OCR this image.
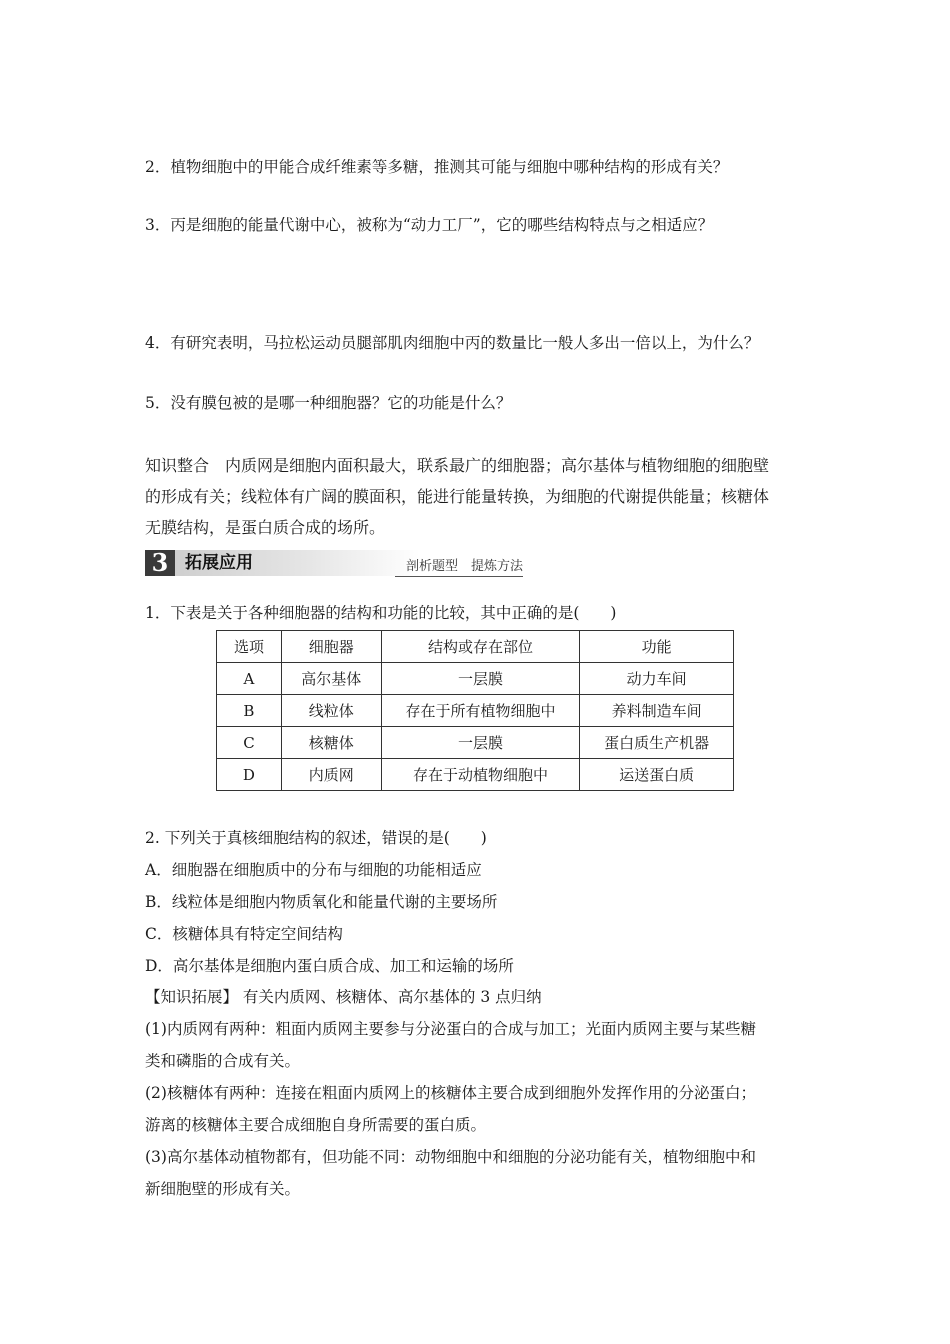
2．植物细胞中的甲能合成纤维素等多糖，推测其可能与细胞中哪种结构的形成有关？
3．丙是细胞的能量代谢中心，被称为“动力工厂”，它的哪些结构特点与之相适应？
4．有研究表明，马拉松运动员腿部肌肉细胞中丙的数量比一般人多出一倍以上，为什么？
5．没有膜包被的是哪一种细胞器？它的功能是什么？
知识整合　内质网是细胞内面积最大，联系最广的细胞器；高尔基体与植物细胞的细胞壁
的形成有关；线粒体有广阔的膜面积，能进行能量转换，为细胞的代谢提供能量；核糖体
无膜结构，是蛋白质合成的场所。
3 拓展应用	剖析题型　提炼方法
1．下表是关于各种细胞器的结构和功能的比较，其中正确的是(　　)
选项	细胞器	结构或存在部位	功能
A	高尔基体	一层膜	动力车间
B	线粒体	存在于所有植物细胞中	养料制造车间
C	核糖体	一层膜	蛋白质生产机器
D	内质网	存在于动植物细胞中	运送蛋白质
2. 下列关于真核细胞结构的叙述，错误的是(　　)
A．细胞器在细胞质中的分布与细胞的功能相适应
B．线粒体是细胞内物质氧化和能量代谢的主要场所
C．核糖体具有特定空间结构
D．高尔基体是细胞内蛋白质合成、加工和运输的场所
【知识拓展】 有关内质网、核糖体、高尔基体的 3 点归纳
(1)内质网有两种：粗面内质网主要参与分泌蛋白的合成与加工；光面内质网主要与某些糖
类和磷脂的合成有关。
(2)核糖体有两种：连接在粗面内质网上的核糖体主要合成到细胞外发挥作用的分泌蛋白；
游离的核糖体主要合成细胞自身所需要的蛋白质。
(3)高尔基体动植物都有，但功能不同：动物细胞中和细胞的分泌功能有关，植物细胞中和
新细胞壁的形成有关。
